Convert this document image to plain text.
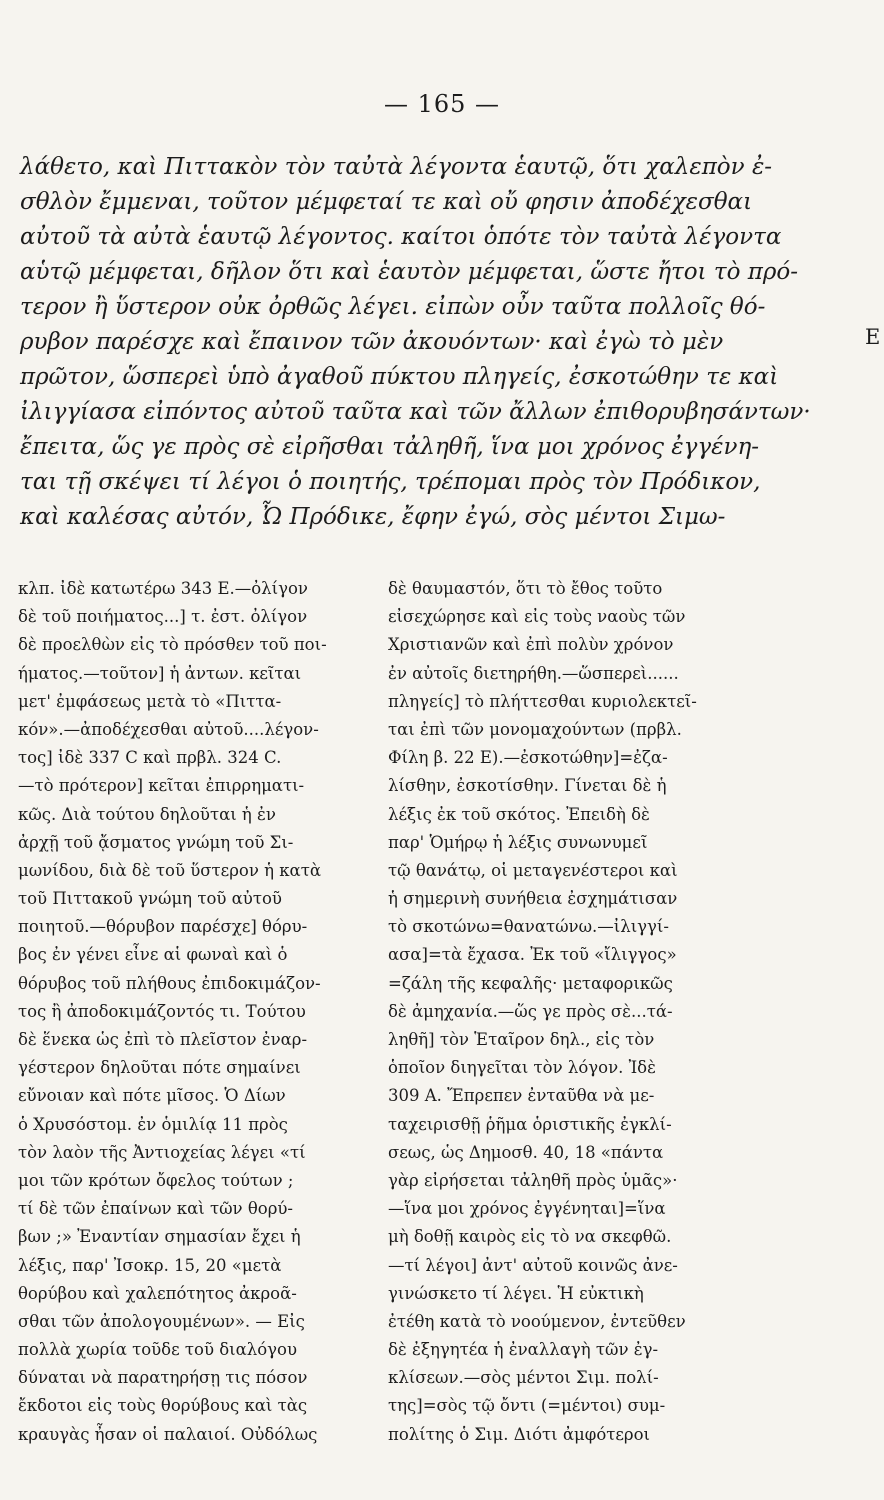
— 165 —
λάθετο, καὶ Πιττακὸν τὸν ταὐτὰ λέγοντα ἑαυτῷ, ὅτι χαλεπὸν ἐ-
σθλὸν ἔμμεναι, τοῦτον μέμφεταί τε καὶ οὔ φησιν ἀποδέχεσθαι
αὐτοῦ τὰ αὐτὰ ἑαυτῷ λέγοντος. καίτοι ὁπότε τὸν ταὐτὰ λέγοντα
αὑτῷ μέμφεται, δῆλον ὅτι καὶ ἑαυτὸν μέμφεται, ὥστε ἤτοι τὸ πρό-
τερον ἢ ὕστερον οὐκ ὀρθῶς λέγει. εἰπὼν οὖν ταῦτα πολλοῖς θό-
ρυβον παρέσχε καὶ ἔπαινον τῶν ἀκουόντων· καὶ ἐγὼ τὸ μὲν
πρῶτον, ὥσπερεὶ ὑπὸ ἀγαθοῦ πύκτου πληγείς, ἐσκοτώθην τε καὶ
ἰλιγγίασα εἰπόντος αὐτοῦ ταῦτα καὶ τῶν ἄλλων ἐπιθορυβησάντων·
ἔπειτα, ὥς γε πρὸς σὲ εἰρῆσθαι τἀληθῆ, ἵνα μοι χρόνος ἐγγένη-
ται τῇ σκέψει τί λέγοι ὁ ποιητής, τρέπομαι πρὸς τὸν Πρόδικον,
καὶ καλέσας αὐτόν, Ὦ Πρόδικε, ἔφην ἐγώ, σὸς μέντοι Σιμω-
E
κλπ. ἰδὲ κατωτέρω 343 Ε.—ὀλίγον
δὲ τοῦ ποιήματος...] τ. ἐστ. ὀλίγον
δὲ προελθὼν εἰς τὸ πρόσθεν τοῦ ποι-
ήματος.—τοῦτον] ἡ ἀντων. κεῖται
μετ' ἐμφάσεως μετὰ τὸ «Πιττα-
κόν».—ἀποδέχεσθαι αὐτοῦ....λέγον-
τος] ἰδὲ 337 C καὶ πρβλ. 324 C.
—τὸ πρότερον] κεῖται ἐπιρρηματι-
κῶς. Διὰ τούτου δηλοῦται ἡ ἐν
ἀρχῇ τοῦ ᾄσματος γνώμη τοῦ Σι-
μωνίδου, διὰ δὲ τοῦ ὕστερον ἡ κατὰ
τοῦ Πιττακοῦ γνώμη τοῦ αὐτοῦ
ποιητοῦ.—θόρυβον παρέσχε] θόρυ-
βος ἐν γένει εἶνε αἱ φωναὶ καὶ ὁ
θόρυβος τοῦ πλήθους ἐπιδοκιμάζον-
τος ἢ ἀποδοκιμάζοντός τι. Τούτου
δὲ ἕνεκα ὡς ἐπὶ τὸ πλεῖστον ἐναρ-
γέστερον δηλοῦται πότε σημαίνει
εὔνοιαν καὶ πότε μῖσος. Ὁ Δίων
ὁ Χρυσόστομ. ἐν ὁμιλίᾳ 11 πρὸς
τὸν λαὸν τῆς Ἀντιοχείας λέγει «τί
μοι τῶν κρότων ὄφελος τούτων ;
τί δὲ τῶν ἐπαίνων καὶ τῶν θορύ-
βων ;» Ἐναντίαν σημασίαν ἔχει ἡ
λέξις, παρ' Ἰσοκρ. 15, 20 «μετὰ
θορύβου καὶ χαλεπότητος ἀκροᾶ-
σθαι τῶν ἀπολογουμένων». — Εἰς
πολλὰ χωρία τοῦδε τοῦ διαλόγου
δύναται νὰ παρατηρήσῃ τις πόσον
ἔκδοτοι εἰς τοὺς θορύβους καὶ τὰς
κραυγὰς ἦσαν οἱ παλαιοί. Οὐδόλως
δὲ θαυμαστόν, ὅτι τὸ ἔθος τοῦτο
εἰσεχώρησε καὶ εἰς τοὺς ναοὺς τῶν
Χριστιανῶν καὶ ἐπὶ πολὺν χρόνον
ἐν αὐτοῖς διετηρήθη.—ὥσπερεὶ......
πληγείς] τὸ πλήττεσθαι κυριολεκτεῖ-
ται ἐπὶ τῶν μονομαχούντων (πρβλ.
Φίλη β. 22 Ε).—ἐσκοτώθην]=ἐζα-
λίσθην, ἐσκοτίσθην. Γίνεται δὲ ἡ
λέξις ἐκ τοῦ σκότος. Ἐπειδὴ δὲ
παρ' Ὁμήρῳ ἡ λέξις συνωνυμεῖ
τῷ θανάτῳ, οἱ μεταγενέστεροι καὶ
ἡ σημερινὴ συνήθεια ἐσχημάτισαν
τὸ σκοτώνω=θανατώνω.—ἰλιγγί-
ασα]=τὰ ἔχασα. Ἐκ τοῦ «ἴλιγγος»
=ζάλη τῆς κεφαλῆς· μεταφορικῶς
δὲ ἀμηχανία.—ὥς γε πρὸς σὲ...τά-
ληθῆ] τὸν Ἑταῖρον δηλ., εἰς τὸν
ὁποῖον διηγεῖται τὸν λόγον. Ἰδὲ
309 Α. Ἔπρεπεν ἐνταῦθα νὰ με-
ταχειρισθῇ ῥῆμα ὁριστικῆς ἐγκλί-
σεως, ὡς Δημοσθ. 40, 18 «πάντα
γὰρ εἰρήσεται τἀληθῆ πρὸς ὑμᾶς»·
—ἵνα μοι χρόνος ἐγγένηται]=ἵνα
μὴ δοθῇ καιρὸς εἰς τὸ να σκεφθῶ.
—τί λέγοι] ἀντ' αὐτοῦ κοινῶς ἀνε-
γινώσκετο τί λέγει. Ἡ εὐκτικὴ
ἐτέθη κατὰ τὸ νοούμενον, ἐντεῦθεν
δὲ ἐξηγητέα ἡ ἐναλλαγὴ τῶν ἐγ-
κλίσεων.—σὸς μέντοι Σιμ. πολί-
της]=σὸς τῷ ὄντι (=μέντοι) συμ-
πολίτης ὁ Σιμ. Διότι ἀμφότεροι
